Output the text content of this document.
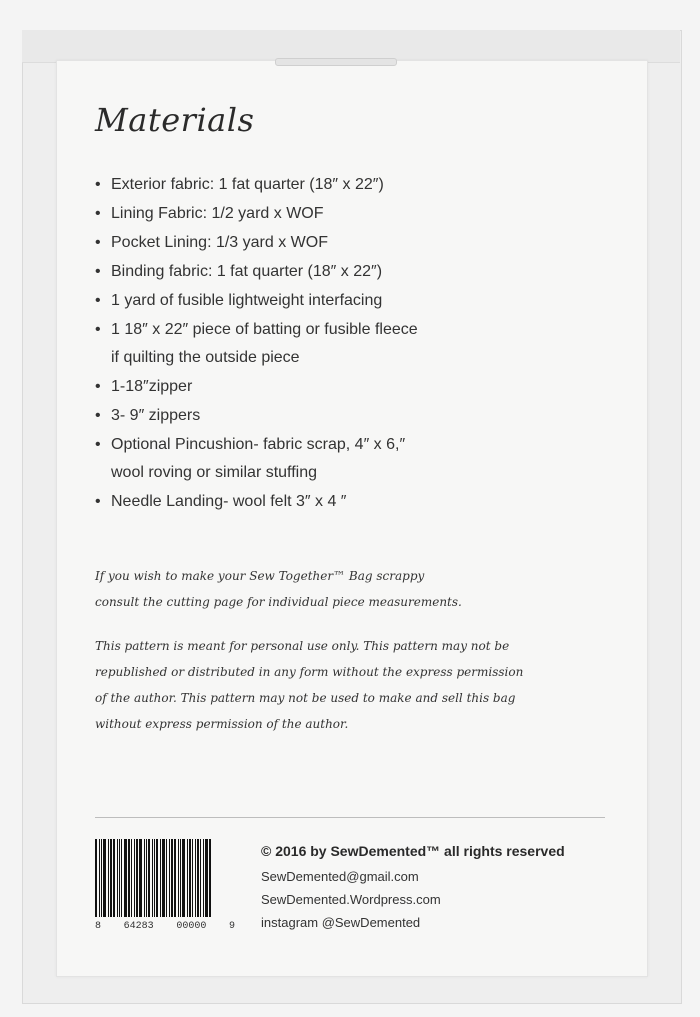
Materials
• Exterior fabric: 1 fat quarter (18″ x 22″)
• Lining Fabric: 1/2 yard x WOF
• Pocket Lining: 1/3 yard x WOF
• Binding fabric: 1 fat quarter (18″ x 22″)
• 1 yard of fusible lightweight interfacing
• 1 18″ x 22″ piece of batting or fusible fleece
if quilting the outside piece
• 1-18″zipper
• 3- 9″ zippers
• Optional Pincushion- fabric scrap, 4″ x 6,″
wool roving or similar stuffing
• Needle Landing- wool felt 3″ x 4 ″
If you wish to make your Sew Together™ Bag scrappy
consult the cutting page for individual piece measurements.
This pattern is meant for personal use only. This pattern may not be
republished or distributed in any form without the express permission
of the author. This pattern may not be used to make and sell this bag
without express permission of the author.
8 64283 00000 9
© 2016 by SewDemented™ all rights reserved
SewDemented@gmail.com
SewDemented.Wordpress.com
instagram @SewDemented
